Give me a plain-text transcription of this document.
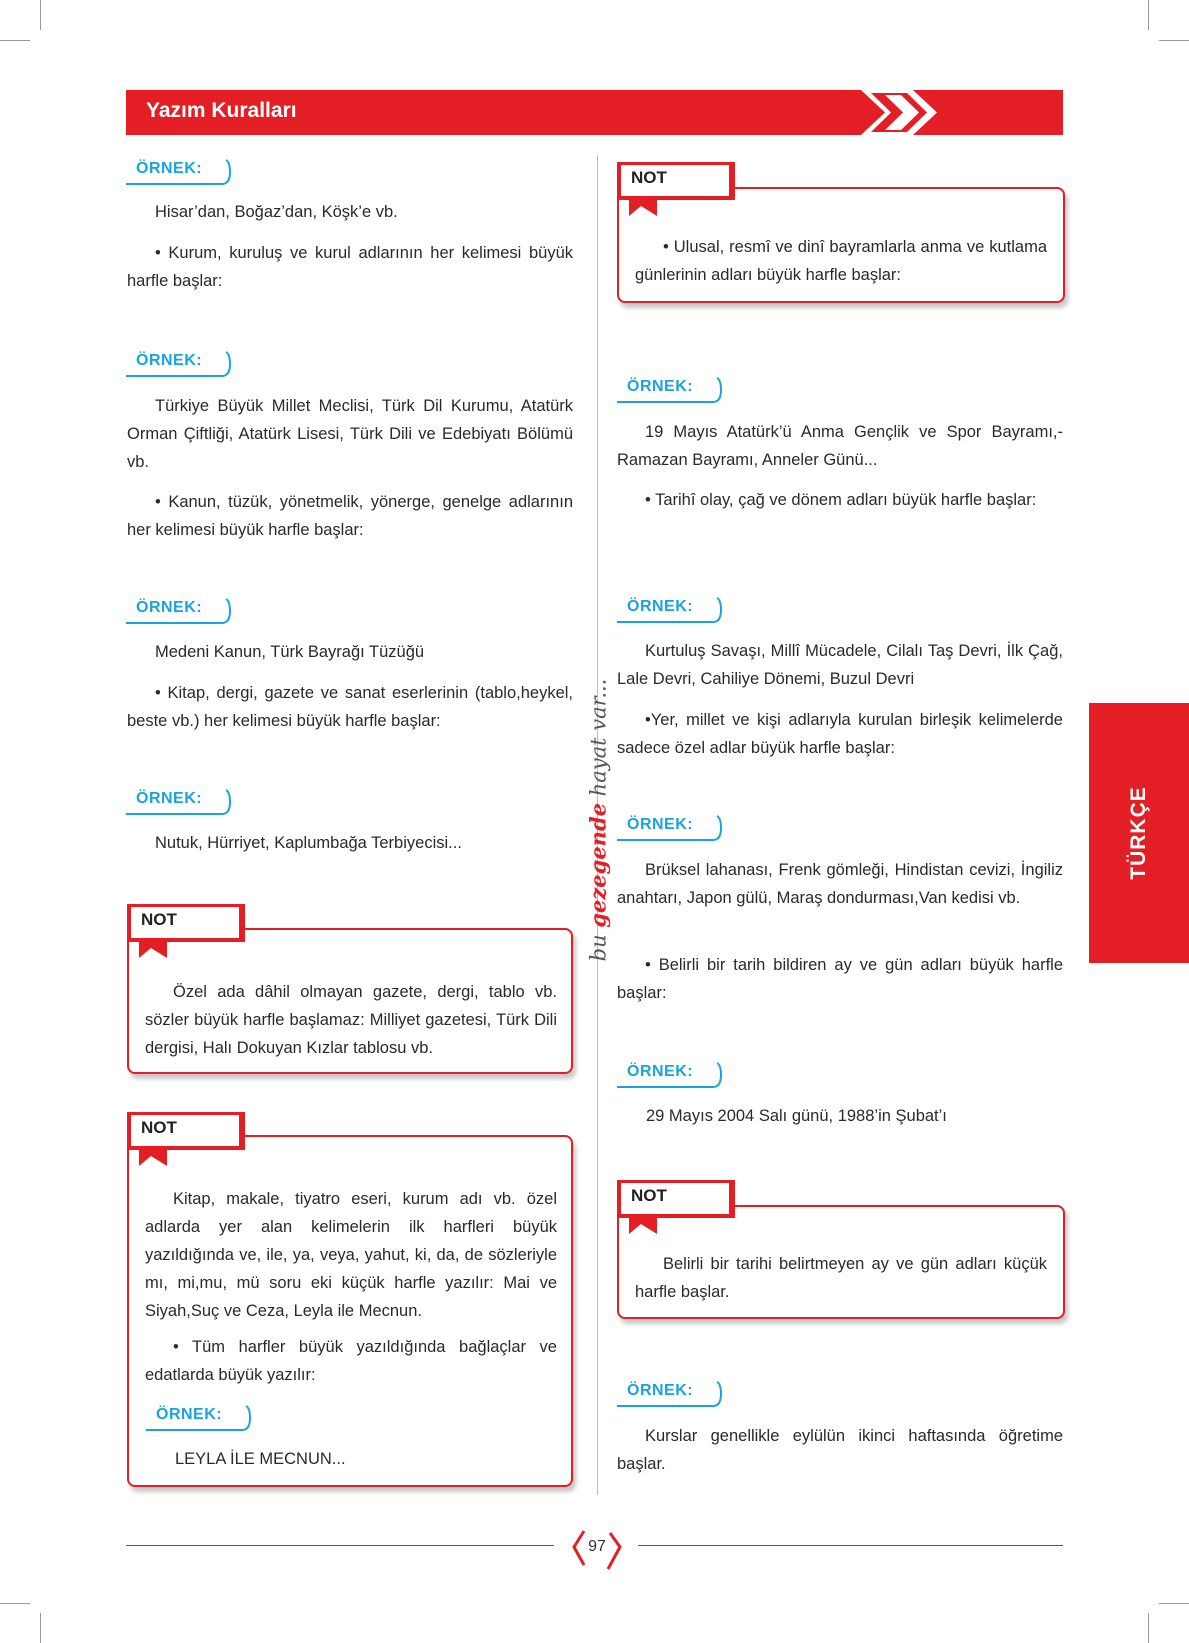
Yazım Kuralları
bu gezegende hayat var...
TÜRKÇE
ÖRNEK:
Hisar’dan, Boğaz’dan, Köşk’e vb.
• Kurum, kuruluş ve kurul adlarının her kelimesi büyük harfle başlar:
ÖRNEK:
Türkiye Büyük Millet Meclisi, Türk Dil Kurumu, Atatürk Orman Çiftliği, Atatürk Lisesi, Türk Dili ve Edebiyatı Bölümü vb.
• Kanun, tüzük, yönetmelik, yönerge, genelge adlarının her kelimesi büyük harfle başlar:
ÖRNEK:
Medeni Kanun, Türk Bayrağı Tüzüğü
• Kitap, dergi, gazete ve sanat eserlerinin (tablo,heykel, beste vb.) her kelimesi büyük harfle başlar:
ÖRNEK:
Nutuk, Hürriyet, Kaplumbağa Terbiyecisi...
NOT
Özel ada dâhil olmayan gazete, dergi, tablo vb. sözler büyük harfle başlamaz: Milliyet gazetesi, Türk Dili dergisi, Halı Dokuyan Kızlar tablosu vb.
NOT
Kitap, makale, tiyatro eseri, kurum adı vb. özel adlarda yer alan kelimelerin ilk harfleri büyük yazıldığında ve, ile, ya, veya, yahut, ki, da, de sözleriyle mı, mi,mu, mü soru eki küçük harfle yazılır: Mai ve Siyah,Suç ve Ceza, Leyla ile Mecnun.
• Tüm harfler büyük yazıldığında bağlaçlar ve edatlarda büyük yazılır:
ÖRNEK:
LEYLA İLE MECNUN...
NOT
• Ulusal, resmî ve dinî bayramlarla anma ve kutlama günlerinin adları büyük harfle başlar:
ÖRNEK:
19 Mayıs Atatürk’ü Anma Gençlik ve Spor Bayramı,-Ramazan Bayramı, Anneler Günü...
• Tarihî olay, çağ ve dönem adları büyük harfle başlar:
ÖRNEK:
Kurtuluş Savaşı, Millî Mücadele, Cilalı Taş Devri, İlk Çağ, Lale Devri, Cahiliye Dönemi, Buzul Devri
•Yer, millet ve kişi adlarıyla kurulan birleşik kelimelerde sadece özel adlar büyük harfle başlar:
ÖRNEK:
Brüksel lahanası, Frenk gömleği, Hindistan cevizi, İngiliz anahtarı, Japon gülü, Maraş dondurması,Van kedisi vb.
• Belirli bir tarih bildiren ay ve gün adları büyük harfle başlar:
ÖRNEK:
29 Mayıs 2004 Salı günü, 1988’in Şubat’ı
NOT
Belirli bir tarihi belirtmeyen ay ve gün adları küçük harfle başlar.
ÖRNEK:
Kurslar genellikle eylülün ikinci haftasında öğretime başlar.
97
